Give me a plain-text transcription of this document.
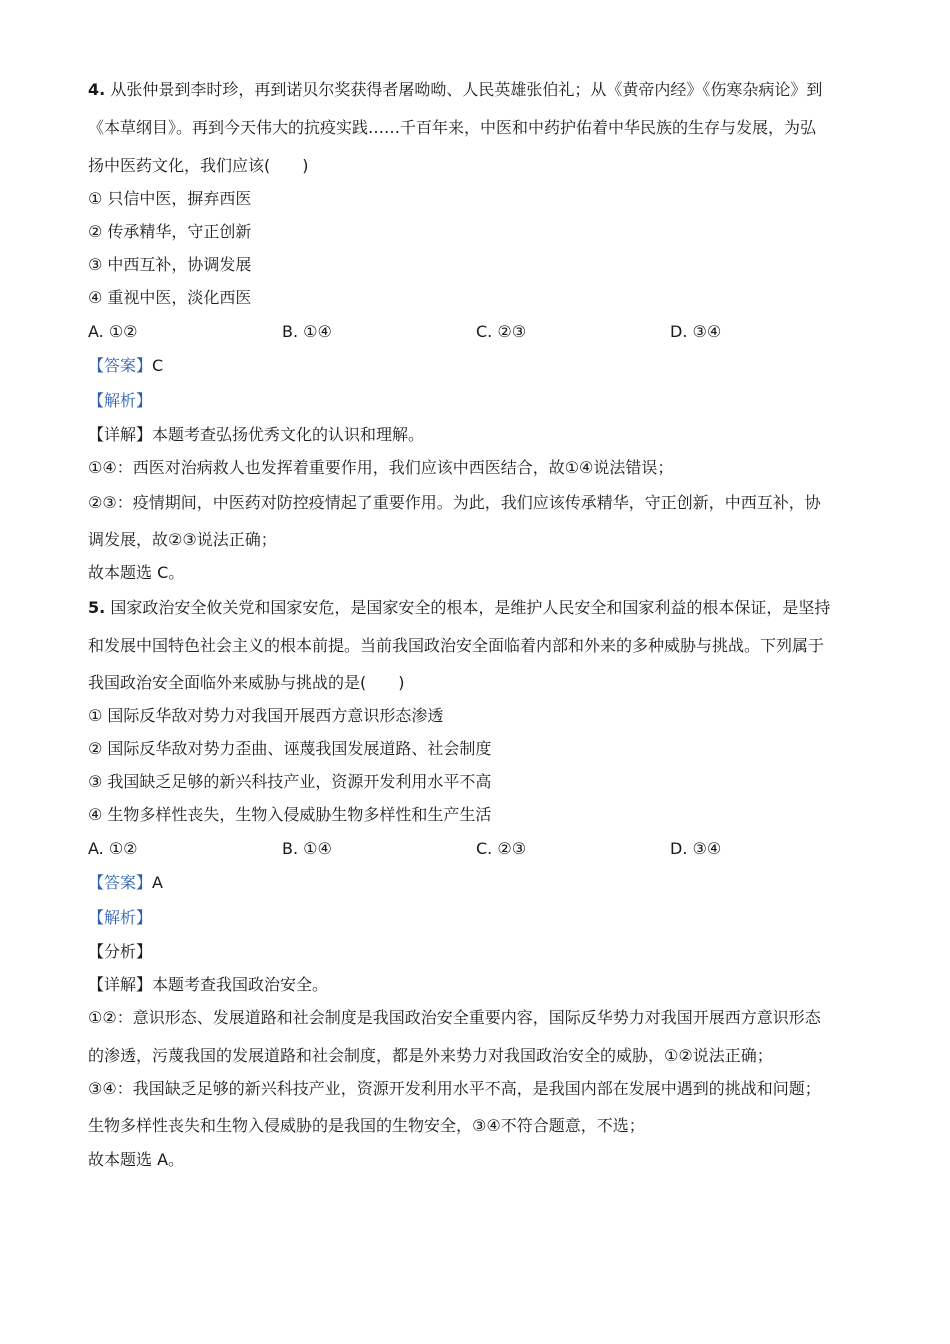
4. 从张仲景到李时珍，再到诺贝尔奖获得者屠呦呦、人民英雄张伯礼；从《黄帝内经》《伤寒杂病论》到
《本草纲目》。再到今天伟大的抗疫实践……千百年来，中医和中药护佑着中华民族的生存与发展，为弘
扬中医药文化，我们应该(　　)
① 只信中医，摒弃西医
② 传承精华，守正创新
③ 中西互补，协调发展
④ 重视中医，淡化西医
A. ①②	B. ①④	C. ②③	D. ③④
【答案】C
【解析】
【详解】本题考查弘扬优秀文化的认识和理解。
①④：西医对治病救人也发挥着重要作用，我们应该中西医结合，故①④说法错误；
②③：疫情期间，中医药对防控疫情起了重要作用。为此，我们应该传承精华，守正创新，中西互补，协
调发展，故②③说法正确；
故本题选 C。
5. 国家政治安全攸关党和国家安危，是国家安全的根本，是维护人民安全和国家利益的根本保证，是坚持
和发展中国特色社会主义的根本前提。当前我国政治安全面临着内部和外来的多种威胁与挑战。下列属于
我国政治安全面临外来威胁与挑战的是(　　)
① 国际反华敌对势力对我国开展西方意识形态渗透
② 国际反华敌对势力歪曲、诬蔑我国发展道路、社会制度
③ 我国缺乏足够的新兴科技产业，资源开发利用水平不高
④ 生物多样性丧失，生物入侵威胁生物多样性和生产生活
A. ①②	B. ①④	C. ②③	D. ③④
【答案】A
【解析】
【分析】
【详解】本题考查我国政治安全。
①②：意识形态、发展道路和社会制度是我国政治安全重要内容，国际反华势力对我国开展西方意识形态
的渗透，污蔑我国的发展道路和社会制度，都是外来势力对我国政治安全的威胁，①②说法正确；
③④：我国缺乏足够的新兴科技产业，资源开发利用水平不高，是我国内部在发展中遇到的挑战和问题；
生物多样性丧失和生物入侵威胁的是我国的生物安全，③④不符合题意，不选；
故本题选 A。
